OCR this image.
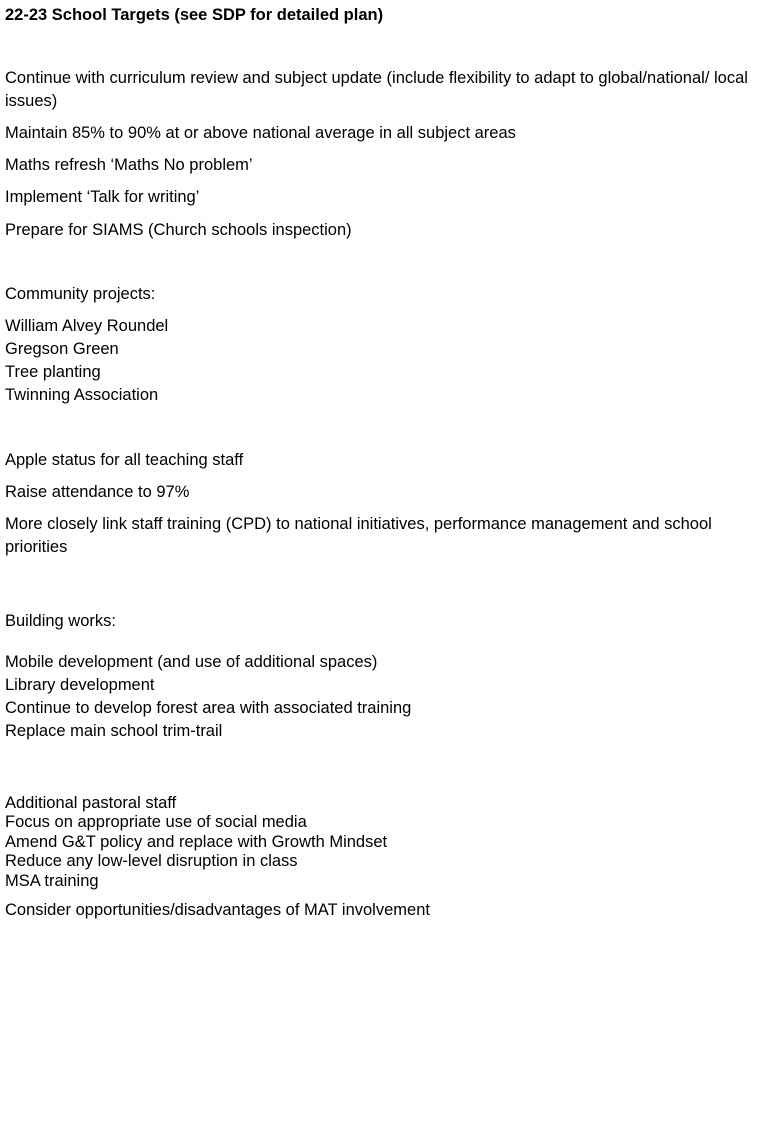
22-23 School Targets (see SDP for detailed plan)
Continue with curriculum review and subject update (include flexibility to adapt to global/national/ local issues)
Maintain 85% to 90% at or above national average in all subject areas
Maths refresh ‘Maths No problem’
Implement ‘Talk for writing’
Prepare for SIAMS (Church schools inspection)
Community projects:
William Alvey Roundel
Gregson Green
Tree planting
Twinning Association
Apple status for all teaching staff
Raise attendance to 97%
More closely link staff training (CPD) to national initiatives, performance management and school priorities
Building works:
Mobile development (and use of additional spaces)
Library development
Continue to develop forest area with associated training
Replace main school trim-trail
Additional pastoral staff
Focus on appropriate use of social media
Amend G&T policy and replace with Growth Mindset
Reduce any low-level disruption in class
MSA training
Consider opportunities/disadvantages of MAT involvement
